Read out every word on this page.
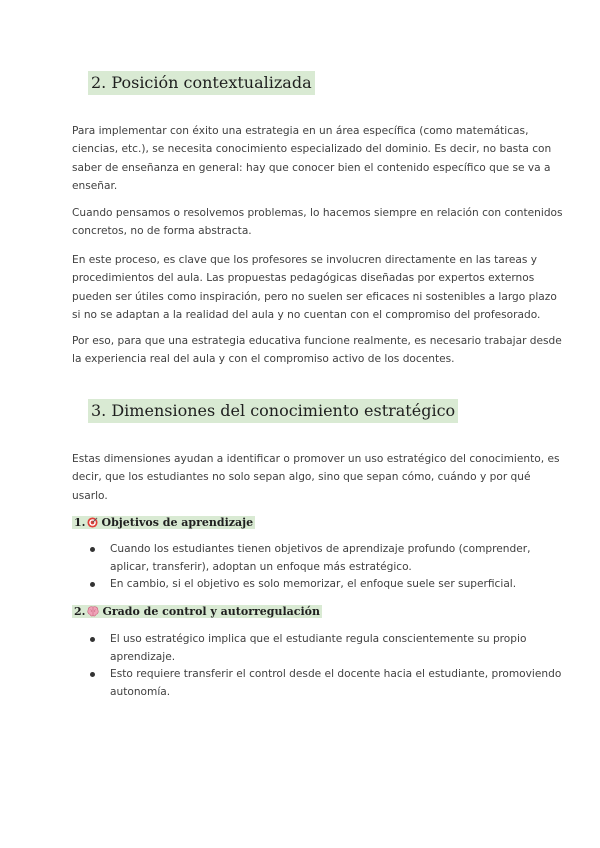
2. Posición contextualizada
Para implementar con éxito una estrategia en un área específica (como matemáticas,
ciencias, etc.), se necesita conocimiento especializado del dominio. Es decir, no basta con
saber de enseñanza en general: hay que conocer bien el contenido específico que se va a
enseñar.
Cuando pensamos o resolvemos problemas, lo hacemos siempre en relación con contenidos
concretos, no de forma abstracta.
En este proceso, es clave que los profesores se involucren directamente en las tareas y
procedimientos del aula. Las propuestas pedagógicas diseñadas por expertos externos
pueden ser útiles como inspiración, pero no suelen ser eficaces ni sostenibles a largo plazo
si no se adaptan a la realidad del aula y no cuentan con el compromiso del profesorado.
Por eso, para que una estrategia educativa funcione realmente, es necesario trabajar desde
la experiencia real del aula y con el compromiso activo de los docentes.
3. Dimensiones del conocimiento estratégico
Estas dimensiones ayudan a identificar o promover un uso estratégico del conocimiento, es
decir, que los estudiantes no solo sepan algo, sino que sepan cómo, cuándo y por qué
usarlo.
1. Objetivos de aprendizaje
Cuando los estudiantes tienen objetivos de aprendizaje profundo (comprender,
aplicar, transferir), adoptan un enfoque más estratégico.
En cambio, si el objetivo es solo memorizar, el enfoque suele ser superficial.
2. Grado de control y autorregulación
El uso estratégico implica que el estudiante regula conscientemente su propio
aprendizaje.
Esto requiere transferir el control desde el docente hacia el estudiante, promoviendo
autonomía.
